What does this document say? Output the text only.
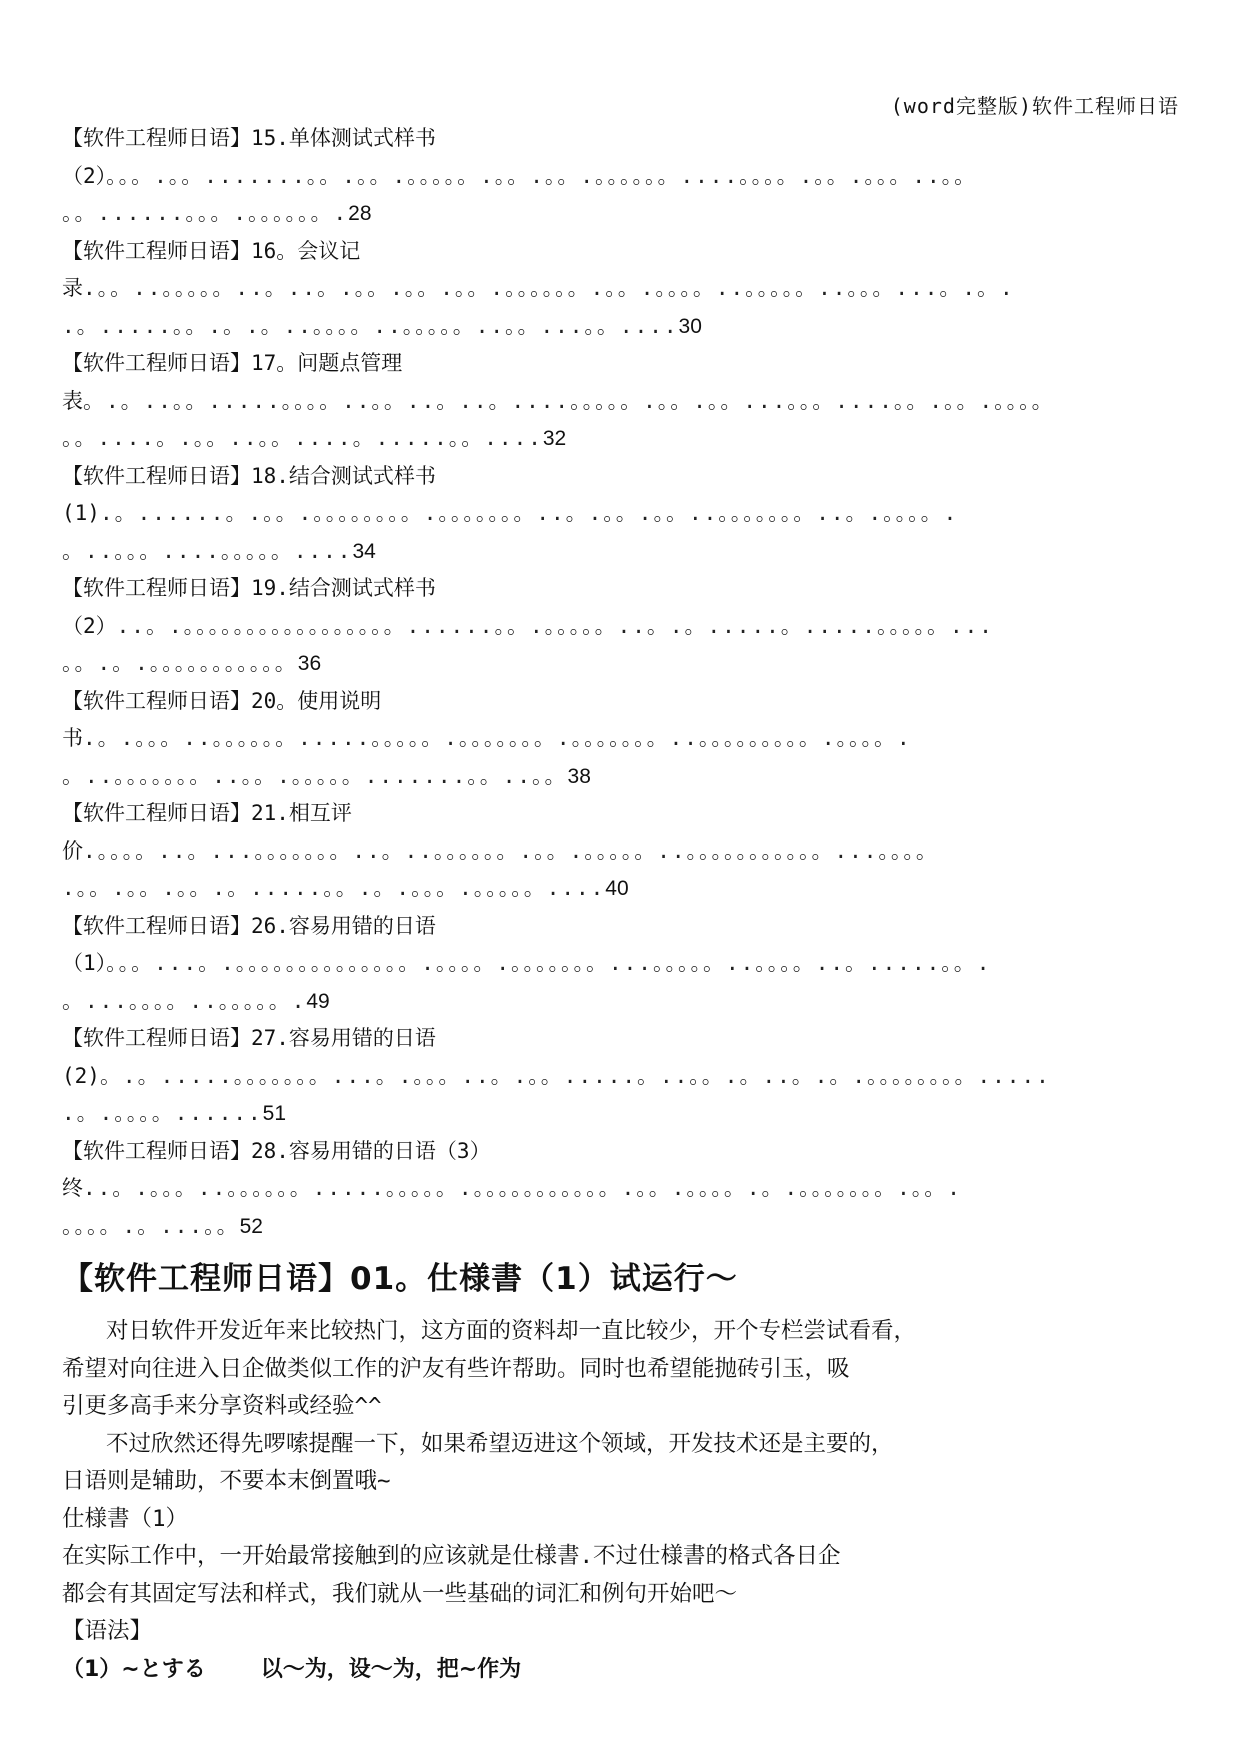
(word完整版)软件工程师日语
【软件工程师日语】15.单体测试式样书
（2）。。。.。。.......。。.。。.。。。。。.。。.。。.。。。。。。....。。。。.。。.。。。..。。
。。......。。。.。。。。。。.28
【软件工程师日语】16。会议记
录.。。..。。。。。..。..。.。。.。。.。。.。。。。。。.。。.。。。。..。。。。。..。。。...。.。.
.。.....。。.。.。..。。。。..。。。。。..。。...。。....30
【软件工程师日语】17。问题点管理
表。.。..。。.....。。。。..。。..。..。....。。。。。.。。.。。...。。。....。。.。。.。。。。
。。....。.。。..。。....。.....。。....32
【软件工程师日语】18.结合测试式样书
(1).。......。.。。.。。。。。。。。.。。。。。。。..。.。。.。。..。。。。。。。..。.。。。。.
。..。。。....。。。。。....34
【软件工程师日语】19.结合测试式样书
（2）..。.。。。。。。。。。。。。。。。。。......。。.。。。。。..。.。.....。.....。。。。。...
。。.。.。。。。。。。。。。。36
【软件工程师日语】20。使用说明
书.。.。。。..。。。。。。.....。。。。。.。。。。。。。.。。。。。。。..。。。。。。。。。.。。。。.
。..。。。。。。。..。。.。。。。。.......。。..。。38
【软件工程师日语】21.相互评
价.。。。。..。...。。。。。。。..。..。。。。。。.。。.。。。。。..。。。。。。。。。。。...。。。。
.。。.。。.。。.。.....。。.。.。。。.。。。。。....40
【软件工程师日语】26.容易用错的日语
（1）。。。...。.。。。。。。。。。。。。。。.。。。。.。。。。。。。...。。。。。..。。。。..。.....。。.
。...。。。。..。。。。。.49
【软件工程师日语】27.容易用错的日语
(2)。.。.....。。。。。。。...。.。。。..。.。。.....。..。。.。..。.。.。。。。。。。。.....
.。.。。。。......51
【软件工程师日语】28.容易用错的日语（3）
终..。.。。。..。。。。。。.....。。。。。.。。。。。。。。。。。.。。.。。。。.。.。。。。。。。.。。.
。。。。.。...。。52
【软件工程师日语】01。仕様書（1）试运行～

对日软件开发近年来比较热门，这方面的资料却一直比较少，开个专栏尝试看看，

希望对向往进入日企做类似工作的沪友有些许帮助。同时也希望能抛砖引玉，吸

引更多高手来分享资料或经验^^

不过欣然还得先啰嗦提醒一下，如果希望迈进这个领域，开发技术还是主要的，

日语则是辅助，不要本末倒置哦~

仕様書（1）

在实际工作中，一开始最常接触到的应该就是仕様書.不过仕様書的格式各日企

都会有其固定写法和样式，我们就从一些基础的词汇和例句开始吧～

【语法】

（1）~とする	以～为，设～为，把~作为
